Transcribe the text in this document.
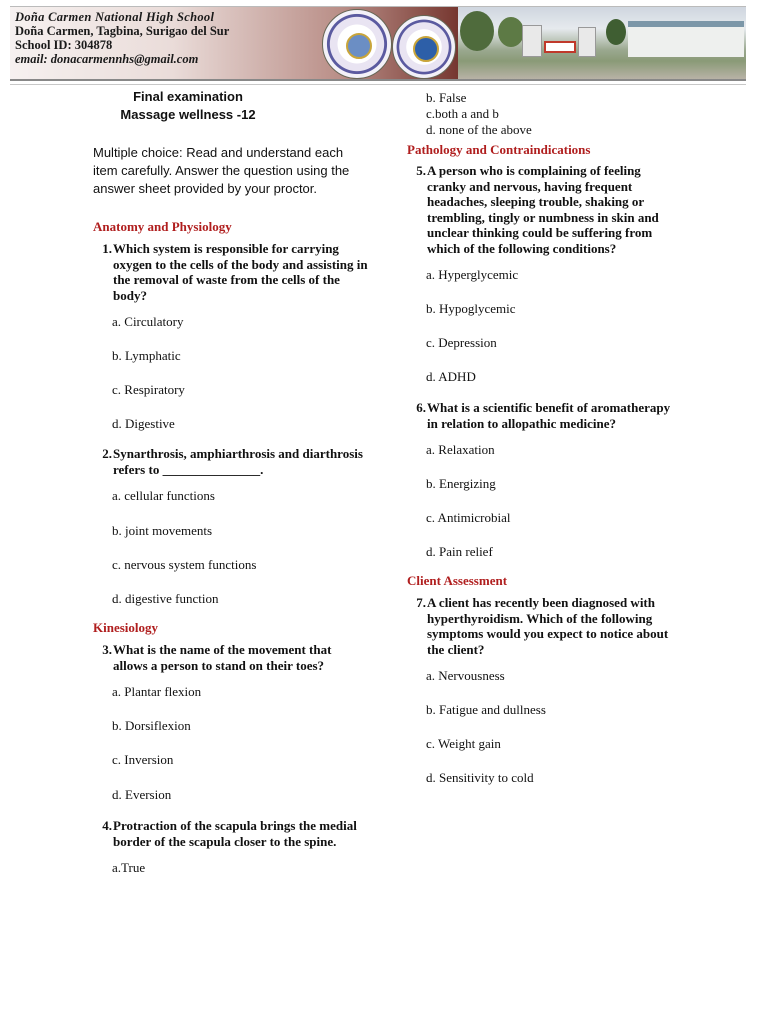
Doña Carmen National High School
Doña Carmen, Tagbina, Surigao del Sur
School ID: 304878
email: donacarmennhs@gmail.com
Final examination
Massage wellness -12
Multiple choice: Read and understand each item carefully. Answer the question using the answer sheet provided by your proctor.
Anatomy and Physiology
1. Which system is responsible for carrying oxygen to the cells of the body and assisting in the removal of waste from the cells of the body?
a. Circulatory
b. Lymphatic
c. Respiratory
d. Digestive
2. Synarthrosis, amphiarthrosis and diarthrosis refers to _______________.
a. cellular functions
b. joint movements
c. nervous system functions
d. digestive function
Kinesiology
3. What is the name of the movement that allows a person to stand on their toes?
a. Plantar flexion
b. Dorsiflexion
c. Inversion
d. Eversion
4. Protraction of the scapula brings the medial border of the scapula closer to the spine.
a.True
b. False
c.both a and b
d. none of the above
Pathology and Contraindications
5. A person who is complaining of feeling cranky and nervous, having frequent headaches, sleeping trouble, shaking or trembling, tingly or numbness in skin and unclear thinking could be suffering from which of the following conditions?
a. Hyperglycemic
b. Hypoglycemic
c. Depression
d. ADHD
6. What is a scientific benefit of aromatherapy in relation to allopathic medicine?
a. Relaxation
b. Energizing
c. Antimicrobial
d. Pain relief
Client Assessment
7. A client has recently been diagnosed with hyperthyroidism. Which of the following symptoms would you expect to notice about the client?
a. Nervousness
b. Fatigue and dullness
c. Weight gain
d. Sensitivity to cold
